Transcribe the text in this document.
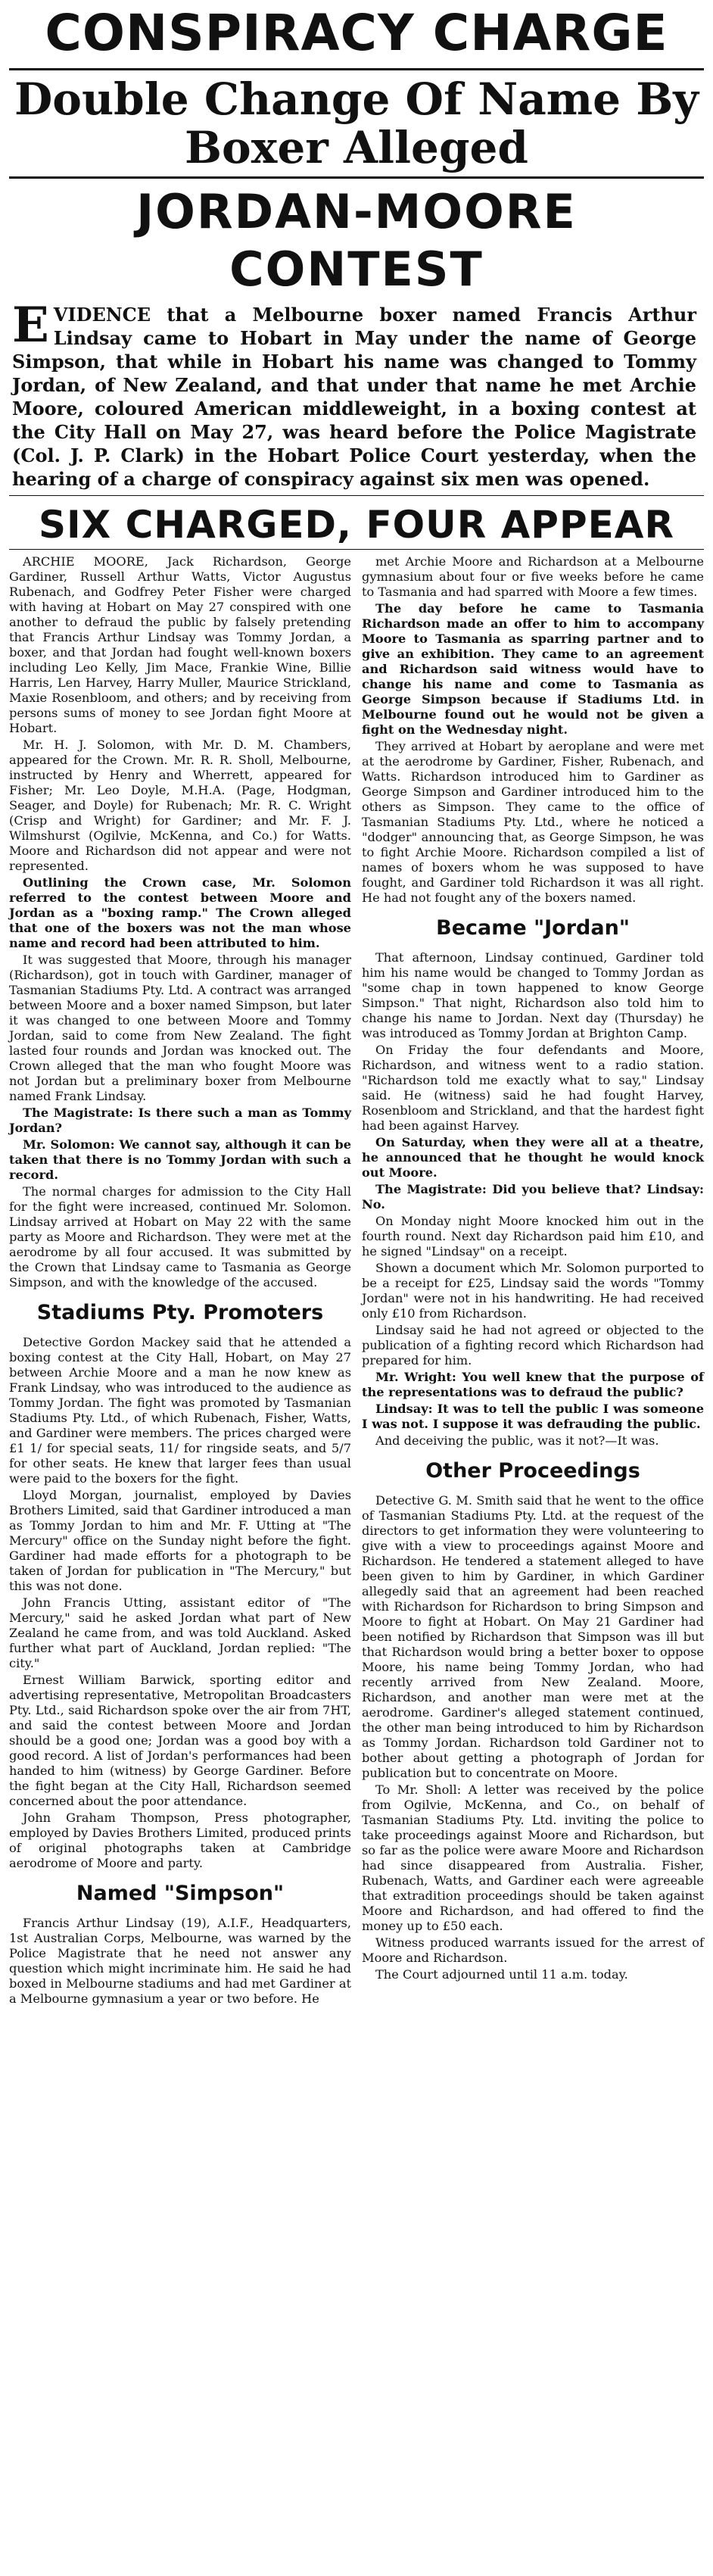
CONSPIRACY CHARGE
Double Change Of Name By Boxer Alleged
JORDAN-MOORE CONTEST
EVIDENCE that a Melbourne boxer named Francis Arthur Lindsay came to Hobart in May under the name of George Simpson, that while in Hobart his name was changed to Tommy Jordan, of New Zealand, and that under that name he met Archie Moore, coloured American middleweight, in a boxing contest at the City Hall on May 27, was heard before the Police Magistrate (Col. J. P. Clark) in the Hobart Police Court yesterday, when the hearing of a charge of conspiracy against six men was opened.
SIX CHARGED, FOUR APPEAR

ARCHIE MOORE, Jack Richardson, George Gardiner, Russell Arthur Watts, Victor Augustus Rubenach, and Godfrey Peter Fisher were charged with having at Hobart on May 27 conspired with one another to defraud the public by falsely pretending that Francis Arthur Lindsay was Tommy Jordan, a boxer, and that Jordan had fought well-known boxers including Leo Kelly, Jim Mace, Frankie Wine, Billie Harris, Len Harvey, Harry Muller, Maurice Strickland, Maxie Rosenbloom, and others; and by receiving from persons sums of money to see Jordan fight Moore at Hobart.

Mr. H. J. Solomon, with Mr. D. M. Chambers, appeared for the Crown. Mr. R. R. Sholl, Melbourne, instructed by Henry and Wherrett, appeared for Fisher; Mr. Leo Doyle, M.H.A. (Page, Hodgman, Seager, and Doyle) for Rubenach; Mr. R. C. Wright (Crisp and Wright) for Gardiner; and Mr. F. J. Wilmshurst (Ogilvie, McKenna, and Co.) for Watts. Moore and Richardson did not appear and were not represented.

Outlining the Crown case, Mr. Solomon referred to the contest between Moore and Jordan as a "boxing ramp." The Crown alleged that one of the boxers was not the man whose name and record had been attributed to him.

It was suggested that Moore, through his manager (Richardson), got in touch with Gardiner, manager of Tasmanian Stadiums Pty. Ltd. A contract was arranged between Moore and a boxer named Simpson, but later it was changed to one between Moore and Tommy Jordan, said to come from New Zealand. The fight lasted four rounds and Jordan was knocked out. The Crown alleged that the man who fought Moore was not Jordan but a preliminary boxer from Melbourne named Frank Lindsay.

The Magistrate: Is there such a man as Tommy Jordan?

Mr. Solomon: We cannot say, although it can be taken that there is no Tommy Jordan with such a record.

The normal charges for admission to the City Hall for the fight were increased, continued Mr. Solomon. Lindsay arrived at Hobart on May 22 with the same party as Moore and Richardson. They were met at the aerodrome by all four accused. It was submitted by the Crown that Lindsay came to Tasmania as George Simpson, and with the knowledge of the accused.

Stadiums Pty. Promoters

Detective Gordon Mackey said that he attended a boxing contest at the City Hall, Hobart, on May 27 between Archie Moore and a man he now knew as Frank Lindsay, who was introduced to the audience as Tommy Jordan. The fight was promoted by Tasmanian Stadiums Pty. Ltd., of which Rubenach, Fisher, Watts, and Gardiner were members. The prices charged were £1 1/ for special seats, 11/ for ringside seats, and 5/7 for other seats. He knew that larger fees than usual were paid to the boxers for the fight.

Lloyd Morgan, journalist, employed by Davies Brothers Limited, said that Gardiner introduced a man as Tommy Jordan to him and Mr. F. Utting at "The Mercury" office on the Sunday night before the fight. Gardiner had made efforts for a photograph to be taken of Jordan for publication in "The Mercury," but this was not done.

John Francis Utting, assistant editor of "The Mercury," said he asked Jordan what part of New Zealand he came from, and was told Auckland. Asked further what part of Auckland, Jordan replied: "The city."

Ernest William Barwick, sporting editor and advertising representative, Metropolitan Broadcasters Pty. Ltd., said Richardson spoke over the air from 7HT, and said the contest between Moore and Jordan should be a good one; Jordan was a good boy with a good record. A list of Jordan's performances had been handed to him (witness) by George Gardiner. Before the fight began at the City Hall, Richardson seemed concerned about the poor attendance.

John Graham Thompson, Press photographer, employed by Davies Brothers Limited, produced prints of original photographs taken at Cambridge aerodrome of Moore and party.

Named "Simpson"

Francis Arthur Lindsay (19), A.I.F., Headquarters, 1st Australian Corps, Melbourne, was warned by the Police Magistrate that he need not answer any question which might incriminate him. He said he had boxed in Melbourne stadiums and had met Gardiner at a Melbourne gymnasium a year or two before. He

met Archie Moore and Richardson at a Melbourne gymnasium about four or five weeks before he came to Tasmania and had sparred with Moore a few times.

The day before he came to Tasmania Richardson made an offer to him to accompany Moore to Tasmania as sparring partner and to give an exhibition. They came to an agreement and Richardson said witness would have to change his name and come to Tasmania as George Simpson because if Stadiums Ltd. in Melbourne found out he would not be given a fight on the Wednesday night.

They arrived at Hobart by aeroplane and were met at the aerodrome by Gardiner, Fisher, Rubenach, and Watts. Richardson introduced him to Gardiner as George Simpson and Gardiner introduced him to the others as Simpson. They came to the office of Tasmanian Stadiums Pty. Ltd., where he noticed a "dodger" announcing that, as George Simpson, he was to fight Archie Moore. Richardson compiled a list of names of boxers whom he was supposed to have fought, and Gardiner told Richardson it was all right. He had not fought any of the boxers named.

Became "Jordan"

That afternoon, Lindsay continued, Gardiner told him his name would be changed to Tommy Jordan as "some chap in town happened to know George Simpson." That night, Richardson also told him to change his name to Jordan. Next day (Thursday) he was introduced as Tommy Jordan at Brighton Camp.

On Friday the four defendants and Moore, Richardson, and witness went to a radio station. "Richardson told me exactly what to say," Lindsay said. He (witness) said he had fought Harvey, Rosenbloom and Strickland, and that the hardest fight had been against Harvey.

On Saturday, when they were all at a theatre, he announced that he thought he would knock out Moore.

The Magistrate: Did you believe that? Lindsay: No.

On Monday night Moore knocked him out in the fourth round. Next day Richardson paid him £10, and he signed "Lindsay" on a receipt.

Shown a document which Mr. Solomon purported to be a receipt for £25, Lindsay said the words "Tommy Jordan" were not in his handwriting. He had received only £10 from Richardson.

Lindsay said he had not agreed or objected to the publication of a fighting record which Richardson had prepared for him.

Mr. Wright: You well knew that the purpose of the representations was to defraud the public?

Lindsay: It was to tell the public I was someone I was not. I suppose it was defrauding the public.

And deceiving the public, was it not?—It was.

Other Proceedings

Detective G. M. Smith said that he went to the office of Tasmanian Stadiums Pty. Ltd. at the request of the directors to get information they were volunteering to give with a view to proceedings against Moore and Richardson. He tendered a statement alleged to have been given to him by Gardiner, in which Gardiner allegedly said that an agreement had been reached with Richardson for Richardson to bring Simpson and Moore to fight at Hobart. On May 21 Gardiner had been notified by Richardson that Simpson was ill but that Richardson would bring a better boxer to oppose Moore, his name being Tommy Jordan, who had recently arrived from New Zealand. Moore, Richardson, and another man were met at the aerodrome. Gardiner's alleged statement continued, the other man being introduced to him by Richardson as Tommy Jordan. Richardson told Gardiner not to bother about getting a photograph of Jordan for publication but to concentrate on Moore.

To Mr. Sholl: A letter was received by the police from Ogilvie, McKenna, and Co., on behalf of Tasmanian Stadiums Pty. Ltd. inviting the police to take proceedings against Moore and Richardson, but so far as the police were aware Moore and Richardson had since disappeared from Australia. Fisher, Rubenach, Watts, and Gardiner each were agreeable that extradition proceedings should be taken against Moore and Richardson, and had offered to find the money up to £50 each.

Witness produced warrants issued for the arrest of Moore and Richardson.

The Court adjourned until 11 a.m. today.
